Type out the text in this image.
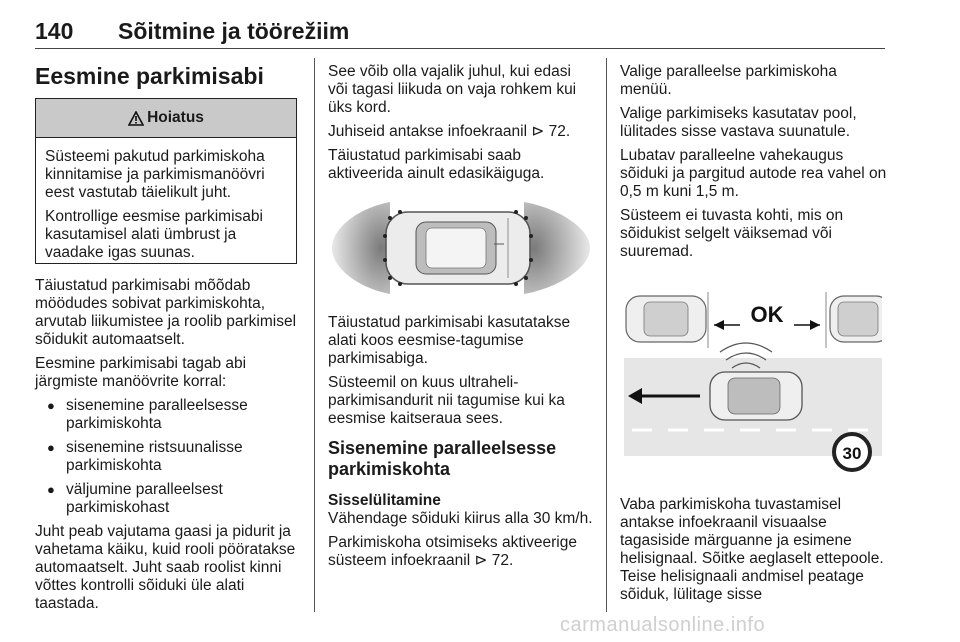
140 Sõitmine ja töörežiim
Eesmine parkimisabi
Hoiatus

Süsteemi pakutud parkimiskoha kinnitamise ja parkimismanöövri eest vastutab täielikult juht.

Kontrollige eesmise parkimisabi kasutamisel alati ümbrust ja vaadake igas suunas.

Täiustatud parkimisabi mõõdab möödudes sobivat parkimiskohta, arvutab liikumistee ja roolib parkimisel sõidukit automaatselt.

Eesmine parkimisabi tagab abi järgmiste manöövrite korral:

● sisenemine paralleelsesse parkimiskohta
● sisenemine ristsuunalisse parkimiskohta
● väljumine paralleelsest parkimiskohast

Juht peab vajutama gaasi ja pidurit ja vahetama käiku, kuid rooli pööratakse automaatselt. Juht saab roolist kinni võttes kontrolli sõiduki üle alati taastada.

See võib olla vajalik juhul, kui edasi või tagasi liikuda on vaja rohkem kui üks kord.

Juhiseid antakse infoekraanil ⊳ 72.

Täiustatud parkimisabi saab aktiveerida ainult edasikäiguga.

Täiustatud parkimisabi kasutatakse alati koos eesmise-tagumise parkimisabiga.

Süsteemil on kuus ultraheli-parkimisandurit nii tagumise kui ka eesmise kaitseraua sees.

Sisenemine paralleelsesse parkimiskohta
Sisselülitamine

Vähendage sõiduki kiirus alla 30 km/h.

Parkimiskoha otsimiseks aktiveerige süsteem infoekraanil ⊳ 72.

Valige paralleelse parkimiskoha menüü.

Valige parkimiseks kasutatav pool, lülitades sisse vastava suunatule.

Lubatav paralleelne vahekaugus sõiduki ja pargitud autode rea vahel on 0,5 m kuni 1,5 m.

Süsteem ei tuvasta kohti, mis on sõidukist selgelt väiksemad või suuremad.

OK
30

Vaba parkimiskoha tuvastamisel antakse infoekraanil visuaalse tagasiside märguanne ja esimene helisignaal. Sõitke aeglaselt ettepoole. Teise helisignaali andmisel peatage sõiduk, lülitage sisse

carmanualsonline.info
